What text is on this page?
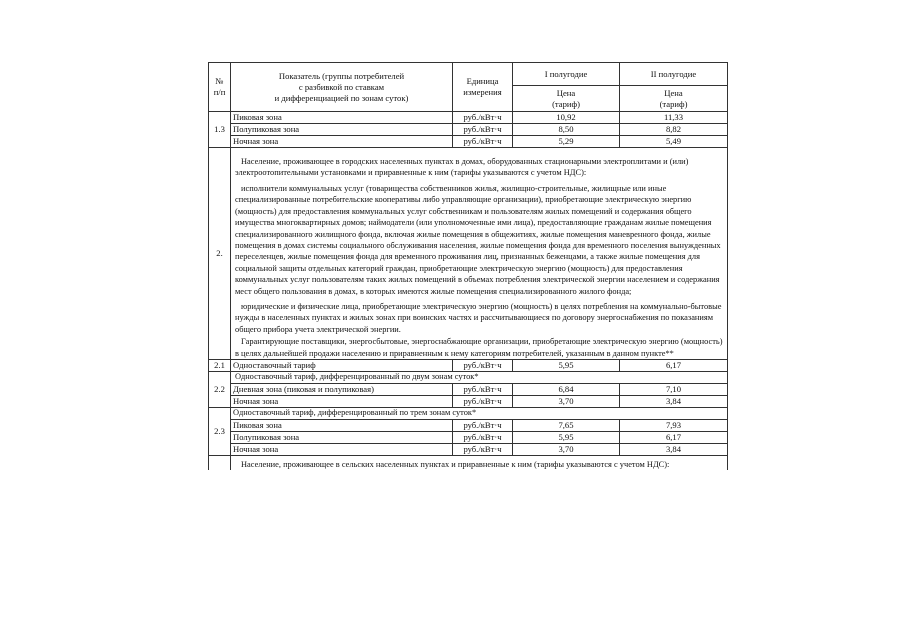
№
п/п	Показатель (группы потребителей
с разбивкой по ставкам
и дифференциацией по зонам суток)	Единица
измерения	I полугодие	II полугодие
			Цена
(тариф)	Цена
(тариф)
1.3	Пиковая зона	руб./кВт·ч	10,92	11,33
	Полупиковая зона	руб./кВт·ч	8,50	8,82
	Ночная зона	руб./кВт·ч	5,29	5,49
2.	Население, проживающее в городских населенных пунктах в домах, оборудованных стационарными электроплитами и (или) электроотопительными установками и приравненные к ним (тарифы указываются с учетом НДС):

исполнители коммунальных услуг (товарищества собственников жилья, жилищно-строительные, жилищные или иные специализированные потребительские кооперативы либо управляющие организации), приобретающие электрическую энергию (мощность) для предоставления коммунальных услуг собственникам и пользователям жилых помещений и содержания общего имущества многоквартирных домов; наймодатели (или уполномоченные ими лица), предоставляющие гражданам жилые помещения специализированного жилищного фонда, включая жилые помещения в общежитиях, жилые помещения маневренного фонда, жилые помещения в домах системы социального обслуживания населения, жилые помещения фонда для временного поселения вынужденных переселенцев, жилые помещения фонда для временного проживания лиц, признанных беженцами, а также жилые помещения для социальной защиты отдельных категорий граждан, приобретающие электрическую энергию (мощность) для предоставления коммунальных услуг пользователям таких жилых помещений в объемах потребления электрической энергии населением и содержания мест общего пользования в домах, в которых имеются жилые помещения специализированного жилого фонда;

юридические и физические лица, приобретающие электрическую энергию (мощность) в целях потребления на коммунально-бытовые нужды в населенных пунктах и жилых зонах при воинских частях и рассчитывающиеся по договору энергоснабжения по показаниям общего прибора учета электрической энергии.

Гарантирующие поставщики, энергосбытовые, энергоснабжающие организации, приобретающие электрическую энергию (мощность) в целях дальнейшей продажи населению и приравненным к нему категориям потребителей, указанным в данном пункте**			

2.1	Одноставочный тариф	руб./кВт·ч	5,95	6,17
2.2	Одноставочный тариф, дифференцированный по двум зонам суток*			
	Дневная зона (пиковая и полупиковая)	руб./кВт·ч	6,84	7,10
	Ночная зона	руб./кВт·ч	3,70	3,84
2.3	Одноставочный тариф, дифференцированный по трем зонам суток*			
	Пиковая зона	руб./кВт·ч	7,65	7,93
	Полупиковая зона	руб./кВт·ч	5,95	6,17
	Ночная зона	руб./кВт·ч	3,70	3,84

	Население, проживающее в сельских населенных пунктах и приравненные к ним (тарифы указываются с учетом НДС):			
